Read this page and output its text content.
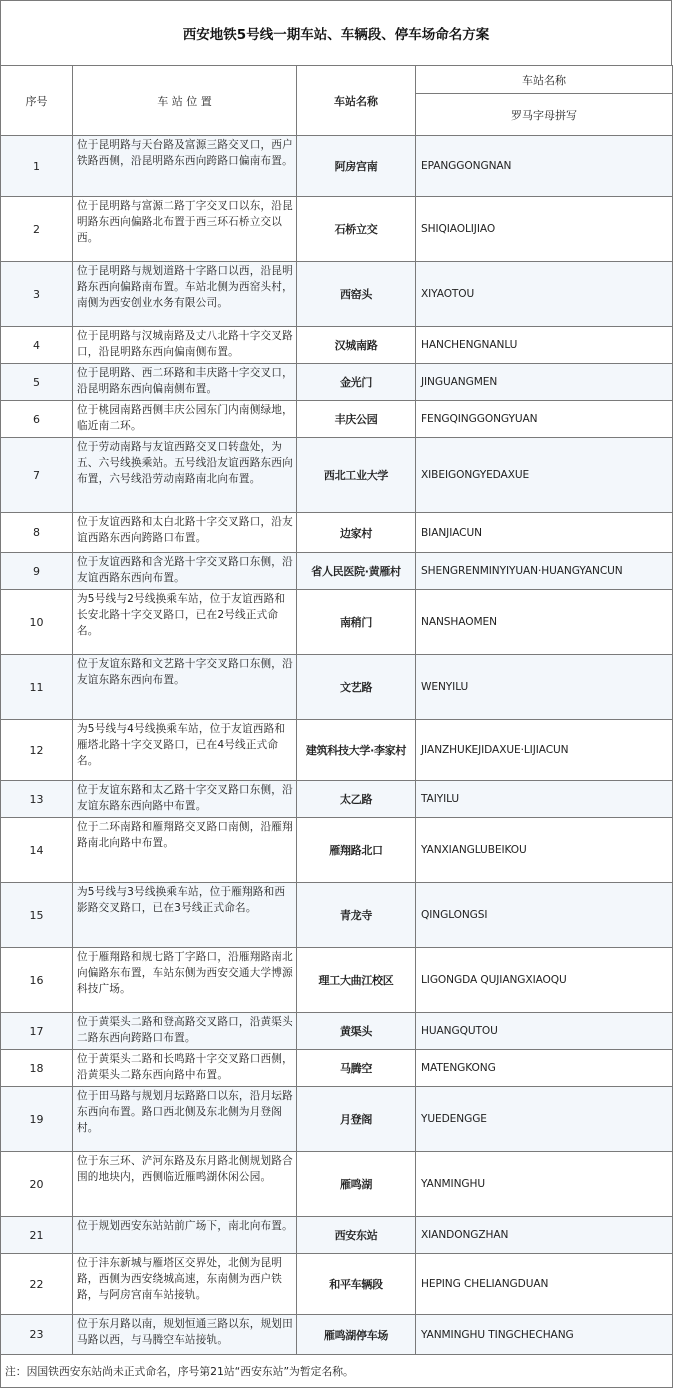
西安地铁5号线一期车站、车辆段、停车场命名方案
序号	车 站 位 置	车站名称	车站名称
			罗马字母拼写
1	位于昆明路与天台路及富源三路交叉口，西户铁路西侧，沿昆明路东西向跨路口偏南布置。	阿房宫南	EPANGGONGNAN
2	位于昆明路与富源二路丁字交叉口以东，沿昆明路东西向偏路北布置于西三环石桥立交以西。	石桥立交	SHIQIAOLIJIAO
3	位于昆明路与规划道路十字路口以西，沿昆明路东西向偏路南布置。车站北侧为西窑头村，南侧为西安创业水务有限公司。	西窑头	XIYAOTOU
4	位于昆明路与汉城南路及丈八北路十字交叉路口，沿昆明路东西向偏南侧布置。	汉城南路	HANCHENGNANLU
5	位于昆明路、西二环路和丰庆路十字交叉口，沿昆明路东西向偏南侧布置。	金光门	JINGUANGMEN
6	位于桃园南路西侧丰庆公园东门内南侧绿地，临近南二环。	丰庆公园	FENGQINGGONGYUAN
7	位于劳动南路与友谊西路交叉口转盘处，为五、六号线换乘站。五号线沿友谊西路东西向布置，六号线沿劳动南路南北向布置。	西北工业大学	XIBEIGONGYEDAXUE
8	位于友谊西路和太白北路十字交叉路口，沿友谊西路东西向跨路口布置。	边家村	BIANJIACUN
9	位于友谊西路和含光路十字交叉路口东侧，沿友谊西路东西向布置。	省人民医院·黄雁村	SHENGRENMINYIYUAN·HUANGYANCUN
10	为5号线与2号线换乘车站，位于友谊西路和长安北路十字交叉路口，已在2号线正式命名。	南稍门	NANSHAOMEN
11	位于友谊东路和文艺路十字交叉路口东侧，沿友谊东路东西向布置。	文艺路	WENYILU
12	为5号线与4号线换乘车站，位于友谊西路和雁塔北路十字交叉路口，已在4号线正式命名。	建筑科技大学·李家村	JIANZHUKEJIDAXUE·LIJIACUN
13	位于友谊东路和太乙路十字交叉路口东侧，沿友谊东路东西向路中布置。	太乙路	TAIYILU
14	位于二环南路和雁翔路交叉路口南侧，沿雁翔路南北向路中布置。	雁翔路北口	YANXIANGLUBEIKOU
15	为5号线与3号线换乘车站，位于雁翔路和西影路交叉路口，已在3号线正式命名。	青龙寺	QINGLONGSI
16	位于雁翔路和规七路丁字路口，沿雁翔路南北向偏路东布置，车站东侧为西安交通大学博源科技广场。	理工大曲江校区	LIGONGDA QUJIANGXIAOQU
17	位于黄渠头二路和登高路交叉路口，沿黄渠头二路东西向跨路口布置。	黄渠头	HUANGQUTOU
18	位于黄渠头二路和长鸣路十字交叉路口西侧，沿黄渠头二路东西向路中布置。	马腾空	MATENGKONG
19	位于田马路与规划月坛路路口以东，沿月坛路东西向布置。路口西北侧及东北侧为月登阁村。	月登阁	YUEDENGGE
20	位于东三环、浐河东路及东月路北侧规划路合围的地块内，西侧临近雁鸣湖休闲公园。	雁鸣湖	YANMINGHU
21	位于规划西安东站站前广场下，南北向布置。	西安东站	XIANDONGZHAN
22	位于沣东新城与雁塔区交界处，北侧为昆明路，西侧为西安绕城高速，东南侧为西户铁路，与阿房宫南车站接轨。	和平车辆段	HEPING CHELIANGDUAN
23	位于东月路以南，规划恒通三路以东，规划田马路以西，与马腾空车站接轨。	雁鸣湖停车场	YANMINGHU TINGCHECHANG
注：因国铁西安东站尚未正式命名，序号第21站“西安东站”为暂定名称。			
